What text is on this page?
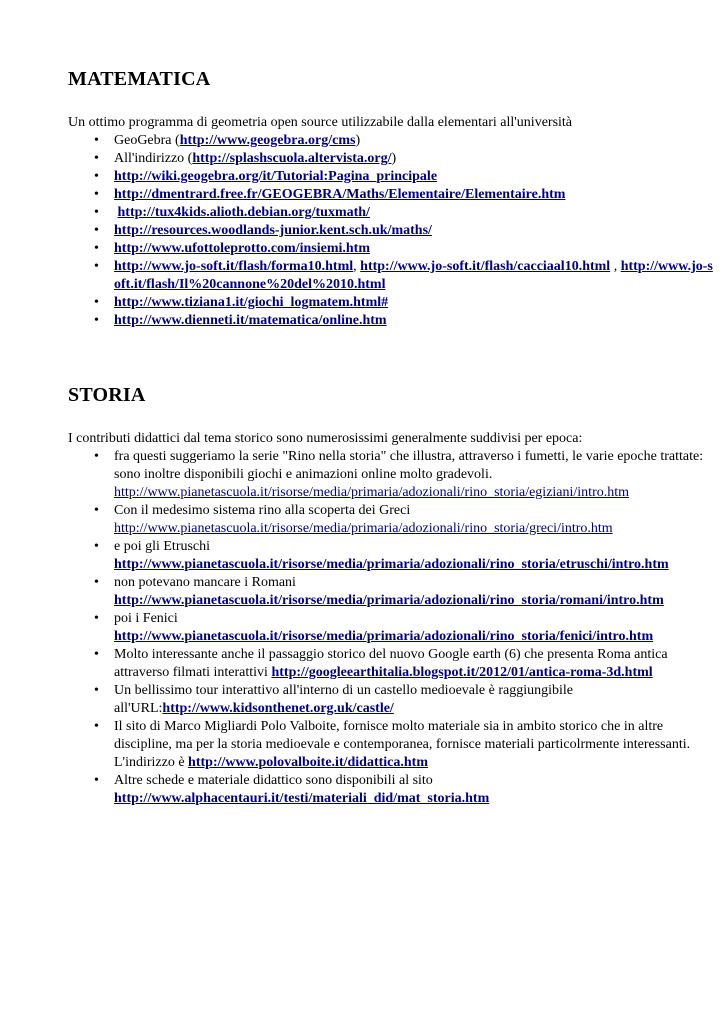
MATEMATICA

Un ottimo programma di geometria open source utilizzabile dalla elementari all'università

• GeoGebra (http://www.geogebra.org/cms)
• All'indirizzo (http://splashscuola.altervista.org/)
• http://wiki.geogebra.org/it/Tutorial:Pagina_principale
• http://dmentrard.free.fr/GEOGEBRA/Maths/Elementaire/Elementaire.htm
• http://tux4kids.alioth.debian.org/tuxmath/
• http://resources.woodlands-junior.kent.sch.uk/maths/
• http://www.ufottoleprotto.com/insiemi.htm
• http://www.jo-soft.it/flash/forma10.html, http://www.jo-soft.it/flash/cacciaal10.html , http://www.jo-soft.it/flash/Il%20cannone%20del%2010.html
• http://www.tiziana1.it/giochi_logmatem.html#
• http://www.dienneti.it/matematica/online.htm
STORIA

I contributi didattici dal tema storico sono numerosissimi generalmente suddivisi per epoca:

• fra questi suggeriamo la serie "Rino nella storia" che illustra, attraverso i fumetti, le varie epoche trattate: sono inoltre disponibili giochi e animazioni online molto gradevoli.
http://www.pianetascuola.it/risorse/media/primaria/adozionali/rino_storia/egiziani/intro.htm
• Con il medesimo sistema rino alla scoperta dei Greci
http://www.pianetascuola.it/risorse/media/primaria/adozionali/rino_storia/greci/intro.htm
• e poi gli Etruschi
http://www.pianetascuola.it/risorse/media/primaria/adozionali/rino_storia/etruschi/intro.htm
• non potevano mancare i Romani
http://www.pianetascuola.it/risorse/media/primaria/adozionali/rino_storia/romani/intro.htm
• poi i Fenici
http://www.pianetascuola.it/risorse/media/primaria/adozionali/rino_storia/fenici/intro.htm
• Molto interessante anche il passaggio storico del nuovo Google earth (6) che presenta Roma antica attraverso filmati interattivi http://googleearthitalia.blogspot.it/2012/01/antica-roma-3d.html
• Un bellissimo tour interattivo all'interno di un castello medioevale è raggiungibile all'URL:http://www.kidsonthenet.org.uk/castle/
• Il sito di Marco Migliardi Polo Valboite, fornisce molto materiale sia in ambito storico che in altre discipline, ma per la storia medioevale e contemporanea, fornisce materiali particolrmente interessanti. L'indirizzo è http://www.polovalboite.it/didattica.htm
• Altre schede e materiale didattico sono disponibili al sito
http://www.alphacentauri.it/testi/materiali_did/mat_storia.htm
